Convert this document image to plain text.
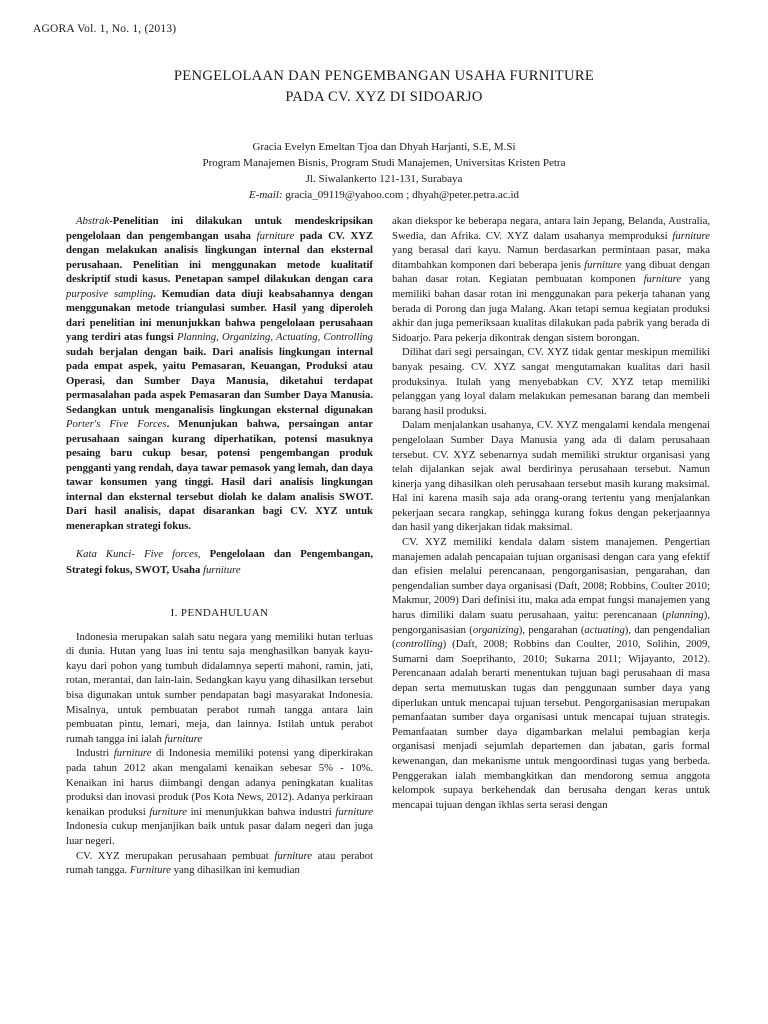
AGORA Vol. 1, No. 1, (2013)
PENGELOLAAN DAN PENGEMBANGAN USAHA FURNITURE
PADA CV. XYZ DI SIDOARJO
Gracia Evelyn Emeltan Tjoa dan Dhyah Harjanti, S.E, M.Si
Program Manajemen Bisnis, Program Studi Manajemen, Universitas Kristen Petra
Jl. Siwalankerto 121-131, Surabaya
E-mail: gracia_09119@yahoo.com ; dhyah@peter.petra.ac.id

Abstrak-Penelitian ini dilakukan untuk mendeskripsikan pengelolaan dan pengembangan usaha furniture pada CV. XYZ dengan melakukan analisis lingkungan internal dan eksternal perusahaan. Penelitian ini menggunakan metode kualitatif deskriptif studi kasus. Penetapan sampel dilakukan dengan cara purposive sampling. Kemudian data diuji keabsahannya dengan menggunakan metode triangulasi sumber. Hasil yang diperoleh dari penelitian ini menunjukkan bahwa pengelolaan perusahaan yang terdiri atas fungsi Planning, Organizing, Actuating, Controlling sudah berjalan dengan baik. Dari analisis lingkungan internal pada empat aspek, yaitu Pemasaran, Keuangan, Produksi atau Operasi, dan Sumber Daya Manusia, diketahui terdapat permasalahan pada aspek Pemasaran dan Sumber Daya Manusia. Sedangkan untuk menganalisis lingkungan eksternal digunakan Porter's Five Forces. Menunjukan bahwa, persaingan antar perusahaan saingan kurang diperhatikan, potensi masuknya pesaing baru cukup besar, potensi pengembangan produk pengganti yang rendah, daya tawar pemasok yang lemah, dan daya tawar konsumen yang tinggi. Hasil dari analisis lingkungan internal dan eksternal tersebut diolah ke dalam analisis SWOT. Dari hasil analisis, dapat disarankan bagi CV. XYZ untuk menerapkan strategi fokus.

Kata Kunci- Five forces, Pengelolaan dan Pengembangan, Strategi fokus, SWOT, Usaha furniture

I. PENDAHULUAN

Indonesia merupakan salah satu negara yang memiliki hutan terluas di dunia. Hutan yang luas ini tentu saja menghasilkan banyak kayu-kayu dari pohon yang tumbuh didalamnya seperti mahoni, ramin, jati, rotan, merantai, dan lain-lain. Sedangkan kayu yang dihasilkan tersebut bisa digunakan untuk sumber pendapatan bagi masyarakat Indonesia. Misalnya, untuk pembuatan perabot rumah tangga antara lain pembuatan pintu, lemari, meja, dan lainnya. Istilah untuk perabot rumah tangga ini ialah furniture

Industri furniture di Indonesia memiliki potensi yang diperkirakan pada tahun 2012 akan mengalami kenaikan sebesar 5% - 10%. Kenaikan ini harus diimbangi dengan adanya peningkatan kualitas produksi dan inovasi produk (Pos Kota News, 2012). Adanya perkiraan kenaikan produksi furniture ini menunjukkan bahwa industri furniture Indonesia cukup menjanjikan baik untuk pasar dalam negeri dan juga luar negeri.

CV. XYZ merupakan perusahaan pembuat furniture atau perabot rumah tangga. Furniture yang dihasilkan ini kemudian

akan diekspor ke beberapa negara, antara lain Jepang, Belanda, Australia, Swedia, dan Afrika. CV. XYZ dalam usahanya memproduksi furniture yang berasal dari kayu. Namun berdasarkan permintaan pasar, maka ditambahkan komponen dari beberapa jenis furniture yang dibuat dengan bahan dasar rotan. Kegiatan pembuatan komponen furniture yang memiliki bahan dasar rotan ini menggunakan para pekerja tahanan yang berada di Porong dan juga Malang. Akan tetapi semua kegiatan produksi akhir dan juga pemeriksaan kualitas dilakukan pada pabrik yang berada di Sidoarjo. Para pekerja dikontrak dengan sistem borongan.

Dilihat dari segi persaingan, CV. XYZ tidak gentar meskipun memiliki banyak pesaing. CV. XYZ sangat mengutamakan kualitas dari hasil produksinya. Itulah yang menyebabkan CV. XYZ tetap memiliki pelanggan yang loyal dalam melakukan pemesanan barang dan membeli barang hasil produksi.

Dalam menjalankan usahanya, CV. XYZ mengalami kendala mengenai pengelolaan Sumber Daya Manusia yang ada di dalam perusahaan tersebut. CV. XYZ sebenarnya sudah memiliki struktur organisasi yang telah dijalankan sejak awal berdirinya perusahaan tersebut. Namun kinerja yang dihasilkan oleh perusahaan tersebut masih kurang maksimal. Hal ini karena masih saja ada orang-orang tertentu yang menjalankan pekerjaan secara rangkap, sehingga kurang fokus dengan pekerjaannya dan hasil yang dikerjakan tidak maksimal.

CV. XYZ memiliki kendala dalam sistem manajemen. Pengertian manajemen adalah pencapaian tujuan organisasi dengan cara yang efektif dan efisien melalui perencanaan, pengorganisasian, pengarahan, dan pengendalian sumber daya organisasi (Daft, 2008; Robbins, Coulter 2010; Makmur, 2009) Dari definisi itu, maka ada empat fungsi manajemen yang harus dimiliki dalam suatu perusahaan, yaitu: perencanaan (planning), pengorganisasian (organizing), pengarahan (actuating), dan pengendalian (controlling) (Daft, 2008; Robbins dan Coulter, 2010, Solihin, 2009, Sumarni dam Soeprihanto, 2010; Sukarna 2011; Wijayanto, 2012). Perencanaan adalah berarti menentukan tujuan bagi perusahaan di masa depan serta memutuskan tugas dan penggunaan sumber daya yang diperlukan untuk mencapai tujuan tersebut. Pengorganisasian merupakan pemanfaatan sumber daya organisasi untuk mencapai tujuan strategis. Pemanfaatan sumber daya digambarkan melalui pembagian kerja organisasi menjadi sejumlah departemen dan jabatan, garis formal kewenangan, dan mekanisme untuk mengoordinasi tugas yang berbeda. Penggerakan ialah membangkitkan dan mendorong semua anggota kelompok supaya berkehendak dan berusaha dengan keras untuk mencapai tujuan dengan ikhlas serta serasi dengan
